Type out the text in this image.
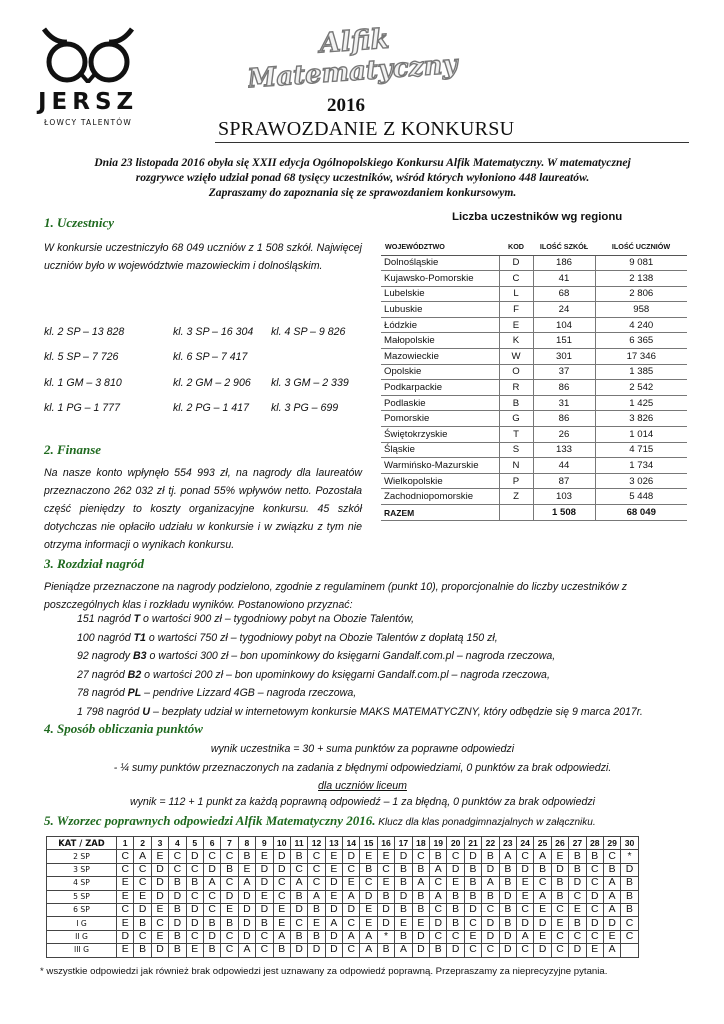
JERSZ
ŁOWCY TALENTÓW
Alfik
Matematyczny
2016
SPRAWOZDANIE Z KONKURSU
Dnia 23 listopada 2016 obyła się XXII edycja Ogólnopolskiego Konkursu Alfik Matematyczny. W matematycznej
rozgrywce wzięło udział ponad 68 tysięcy uczestników, wśród których wyłoniono 448 laureatów.
Zapraszamy do zapoznania się ze sprawozdaniem konkursowym.
1. Uczestnicy
W konkursie uczestniczyło 68 049 uczniów z 1 508 szkół. Najwięcej uczniów było w województwie mazowieckim i dolnośląskim.
kl. 2 SP – 13 828	kl. 3 SP – 16 304 kl. 4 SP – 9 826
kl. 5 SP – 7 726	kl. 6 SP – 7 417
kl. 1 GM – 3 810	kl. 2 GM – 2 906 kl. 3 GM – 2 339
kl. 1 PG – 1 777	kl. 2 PG – 1 417 kl. 3 PG – 699
Liczba uczestników wg regionu
WOJEWÓDZTWO	KOD	ILOŚĆ SZKÓŁ	ILOŚĆ UCZNIÓW
Dolnośląskie	D	186	9 081
Kujawsko-Pomorskie	C	41	2 138
Lubelskie	L	68	2 806
Lubuskie	F	24	958
Łódzkie	E	104	4 240
Małopolskie	K	151	6 365
Mazowieckie	W	301	17 346
Opolskie	O	37	1 385
Podkarpackie	R	86	2 542
Podlaskie	B	31	1 425
Pomorskie	G	86	3 826
Świętokrzyskie	T	26	1 014
Śląskie	S	133	4 715
Warmińsko-Mazurskie	N	44	1 734
Wielkopolskie	P	87	3 026
Zachodniopomorskie	Z	103	5 448
RAZEM		1 508	68 049
2. Finanse
Na nasze konto wpłynęło 554 993 zł, na nagrody dla laureatów przeznaczono 262 032 zł tj. ponad 55% wpływów netto. Pozostała część pieniędzy to koszty organizacyjne konkursu. 45 szkół dotychczas nie opłaciło udziału w konkursie i w związku z tym nie otrzyma informacji o wynikach konkursu.
3. Rozdział nagród
Pieniądze przeznaczone na nagrody podzielono, zgodnie z regulaminem (punkt 10), proporcjonalnie do liczby uczestników z poszczególnych klas i rozkładu wyników. Postanowiono przyznać:
151 nagród T o wartości 900 zł – tygodniowy pobyt na Obozie Talentów,
100 nagród T1 o wartości 750 zł – tygodniowy pobyt na Obozie Talentów z dopłatą 150 zł,
92 nagrody B3 o wartości 300 zł – bon upominkowy do księgarni Gandalf.com.pl – nagroda rzeczowa,
27 nagród B2 o wartości 200 zł – bon upominkowy do księgarni Gandalf.com.pl – nagroda rzeczowa,
78 nagród PL – pendrive Lizzard 4GB – nagroda rzeczowa,
1 798 nagród U – bezpłaty udział w internetowym konkursie MAKS MATEMATYCZNY, który odbędzie się 9 marca 2017r.
4. Sposób obliczania punktów
wynik uczestnika = 30 + suma punktów za poprawne odpowiedzi
- ¼ sumy punktów przeznaczonych na zadania z błędnymi odpowiedziami, 0 punktów za brak odpowiedzi.
dla uczniów liceum
wynik = 112 + 1 punkt za każdą poprawną odpowiedź – 1 za błędną, 0 punktów za brak odpowiedzi
5. Wzorzec poprawnych odpowiedzi Alfik Matematyczny 2016. Klucz dla klas ponadgimnazjalnych w załączniku.
KAT / ZAD	1	2	3	4	5	6	7	8	9	10	11	12	13	14	15	16	17	18	19	20	21	22	23	24	25	26	27	28	29	30
2 SP	C	A	E	C	D	C	C	B	E	D	B	C	E	D	E	E	D	C	B	C	D	B	A	C	A	E	B	B	C	*
3 SP	C	C	D	C	C	D	B	E	D	D	C	C	E	C	B	C	B	B	A	D	B	D	B	D	B	D	B	C	B	D
4 SP	E	C	D	B	B	A	C	A	D	C	A	C	D	E	C	E	B	A	C	E	B	A	B	E	C	B	D	C	A	B
5 SP	E	E	D	D	C	C	D	D	E	C	B	A	E	A	D	B	D	B	A	B	B	B	D	E	A	B	C	D	A	B
6 SP	C	D	E	B	D	C	E	D	D	E	D	B	D	D	E	D	B	B	C	B	D	C	B	C	E	C	E	C	A	B
I G	E	B	C	D	D	B	B	D	B	E	C	E	A	C	E	D	E	E	D	B	C	D	B	D	D	E	B	D	D	C
II G	D	C	E	B	C	D	C	D	C	A	B	B	D	A	A	*	B	D	C	C	E	D	D	A	E	C	C	C	E	C
III G	E	B	D	B	E	B	C	A	C	B	D	D	D	C	A	B	A	D	B	D	C	C	D	C	D	C	D	E	A	
* wszystkie odpowiedzi jak również brak odpowiedzi jest uznawany za odpowiedź poprawną. Przepraszamy za nieprecyzyjne pytania.
